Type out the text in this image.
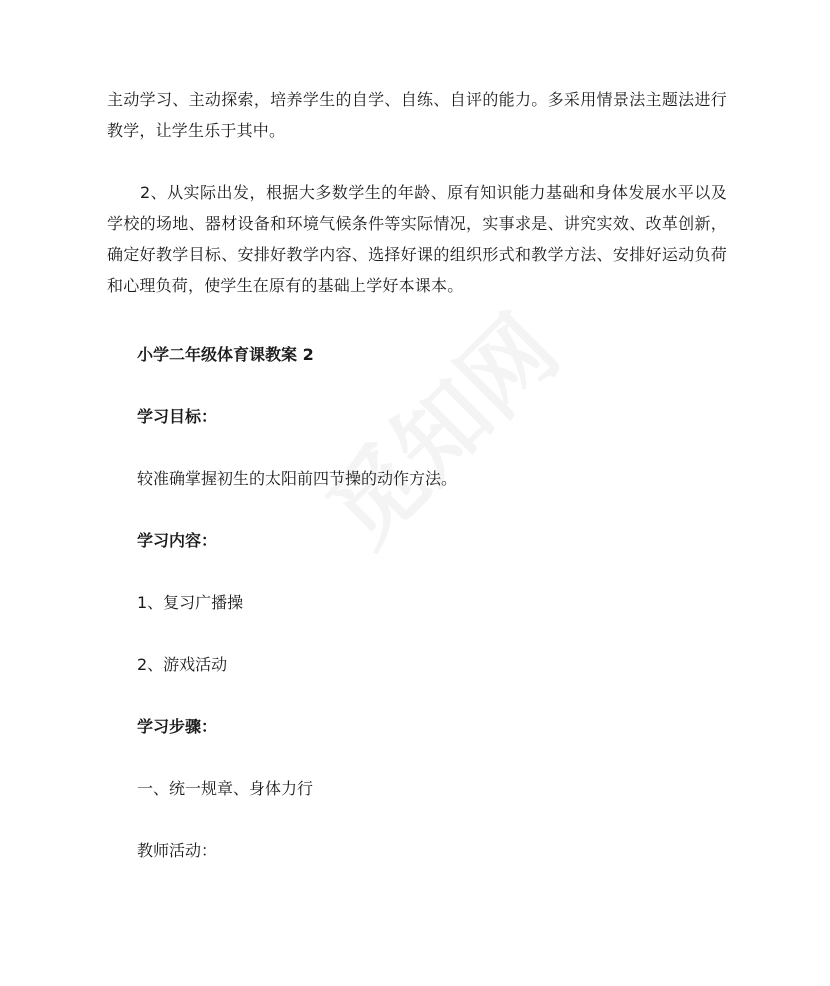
主动学习、主动探索，培养学生的自学、自练、自评的能力。多采用情景法主题法进行教学，让学生乐于其中。

　　2、从实际出发，根据大多数学生的年龄、原有知识能力基础和身体发展水平以及学校的场地、器材设备和环境气候条件等实际情况，实事求是、讲究实效、改革创新，确定好教学目标、安排好教学内容、选择好课的组织形式和教学方法、安排好运动负荷和心理负荷，使学生在原有的基础上学好本课本。

小学二年级体育课教案 2

学习目标：

较准确掌握初生的太阳前四节操的动作方法。

学习内容：

1、复习广播操

2、游戏活动

学习步骤：

一、统一规章、身体力行

教师活动：
